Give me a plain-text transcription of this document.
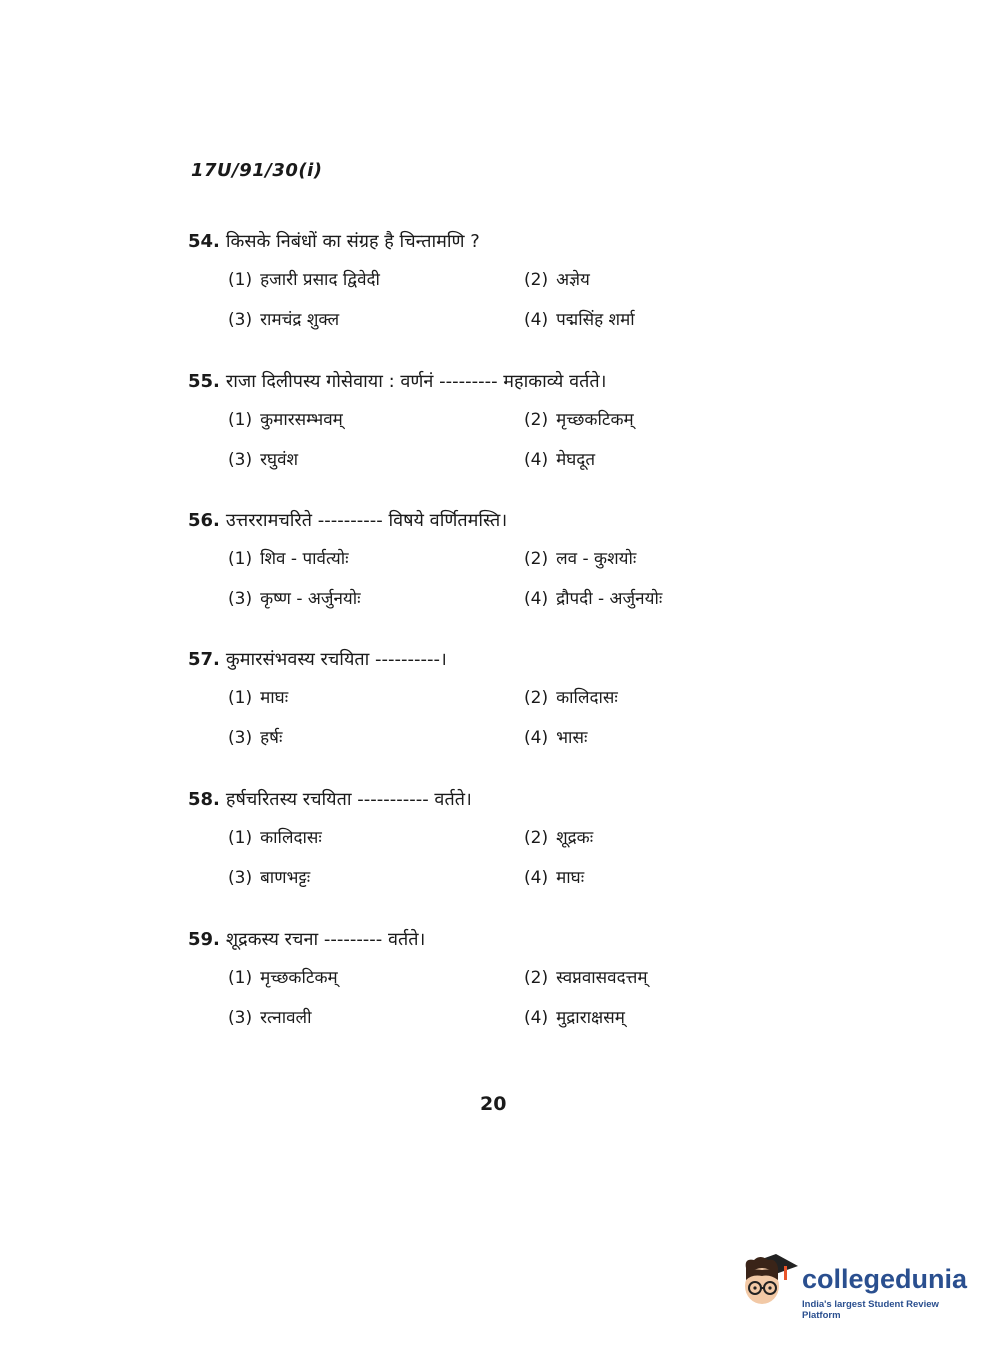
17U/91/30(i)
54. किसके निबंधों का संग्रह है चिन्तामणि ?
(1) हजारी प्रसाद द्विवेदी	(2) अज्ञेय
(3) रामचंद्र शुक्ल	(4) पद्मसिंह शर्मा
55. राजा दिलीपस्य गोसेवाया : वर्णनं --------- महाकाव्ये वर्तते।
(1) कुमारसम्भवम्	(2) मृच्छकटिकम्
(3) रघुवंश	(4) मेघदूत
56. उत्तररामचरिते ---------- विषये वर्णितमस्ति।
(1) शिव - पार्वत्योः	(2) लव - कुशयोः
(3) कृष्ण - अर्जुनयोः	(4) द्रौपदी - अर्जुनयोः
57. कुमारसंभवस्य रचयिता ----------।
(1) माघः	(2) कालिदासः
(3) हर्षः	(4) भासः
58. हर्षचरितस्य रचयिता ----------- वर्तते।
(1) कालिदासः	(2) शूद्रकः
(3) बाणभट्टः	(4) माघः
59. शूद्रकस्य रचना --------- वर्तते।
(1) मृच्छकटिकम्	(2) स्वप्नवासवदत्तम्
(3) रत्नावली	(4) मुद्राराक्षसम्
20
collegedunia
India's largest Student Review Platform
